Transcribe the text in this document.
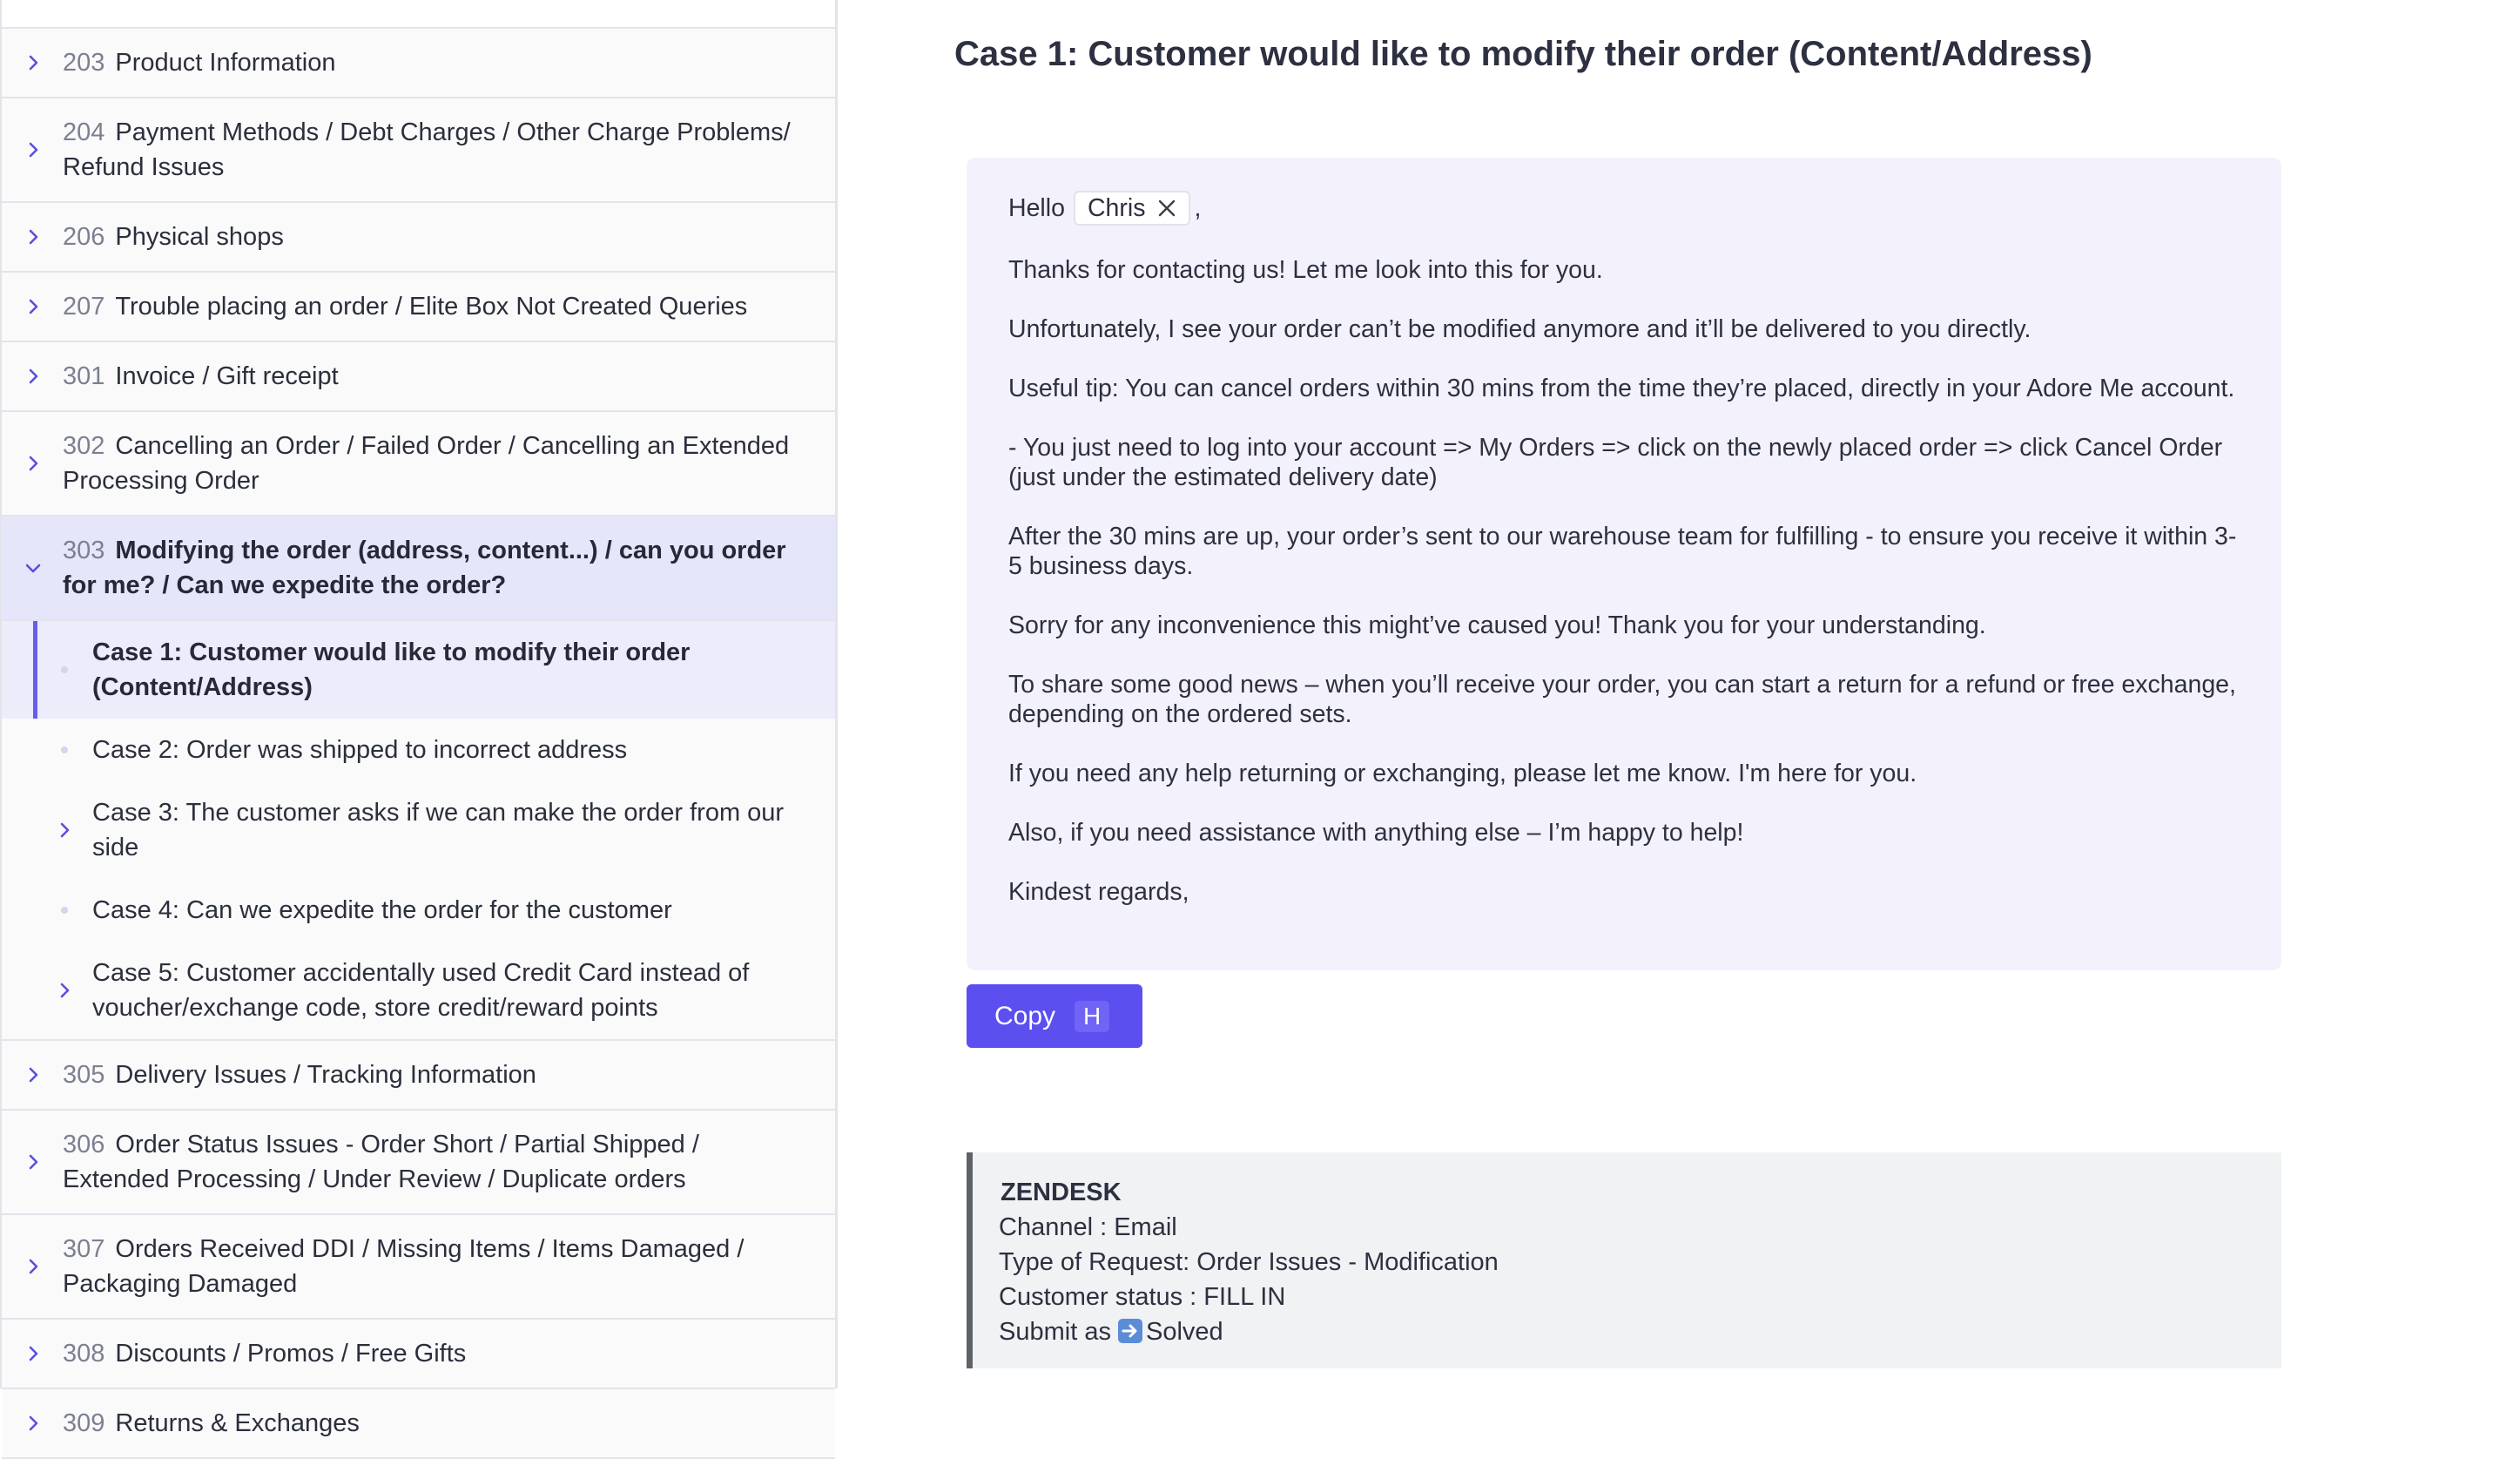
203 Product Information
204 Payment Methods / Debt Charges / Other Charge Problems/ Refund Issues
206 Physical shops
207 Trouble placing an order / Elite Box Not Created Queries
301 Invoice / Gift receipt
302 Cancelling an Order / Failed Order / Cancelling an Extended Processing Order
303 Modifying the order (address, content...) / can you order for me? / Can we expedite the order?
Case 1: Customer would like to modify their order (Content/Address)
Case 2: Order was shipped to incorrect address
Case 3: The customer asks if we can make the order from our side
Case 4: Can we expedite the order for the customer
Case 5: Customer accidentally used Credit Card instead of voucher/exchange code, store credit/reward points
305 Delivery Issues / Tracking Information
306 Order Status Issues - Order Short / Partial Shipped / Extended Processing / Under Review / Duplicate orders
307 Orders Received DDI / Missing Items / Items Damaged / Packaging Damaged
308 Discounts / Promos / Free Gifts
309 Returns & Exchanges
Case 1: Customer would like to modify their order (Content/Address)
Hello Chris ,

Thanks for contacting us! Let me look into this for you.

Unfortunately, I see your order can’t be modified anymore and it’ll be delivered to you directly.

Useful tip: You can cancel orders within 30 mins from the time they’re placed, directly in your Adore Me account.

- You just need to log into your account => My Orders => click on the newly placed order => click Cancel Order (just under the estimated delivery date)

After the 30 mins are up, your order’s sent to our warehouse team for fulfilling - to ensure you receive it within 3-5 business days.

Sorry for any inconvenience this might’ve caused you! Thank you for your understanding.

To share some good news – when you’ll receive your order, you can start a return for a refund or free exchange, depending on the ordered sets.

If you need any help returning or exchanging, please let me know. I'm here for you.

Also, if you need assistance with anything else – I’m happy to help!

Kindest regards,

Copy	H
ZENDESK
Channel : Email
Type of Request: Order Issues - Modification
Customer status : FILL IN
Submit as Solved
